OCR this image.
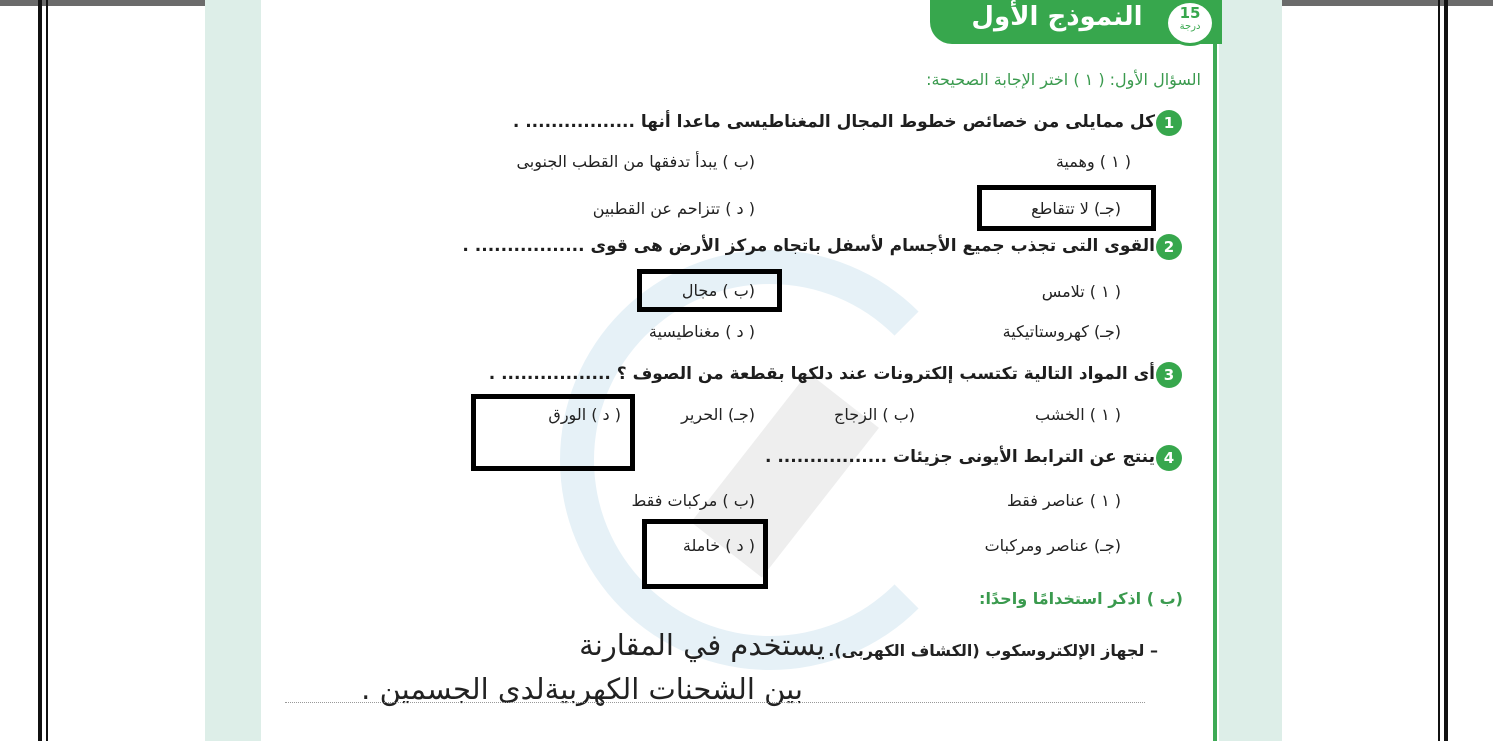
النموذج الأول	15
درجة
السؤال الأول: ( ١ ) اختر الإجابة الصحيحة:
1
كل ممايلى من خصائص خطوط المجال المغناطيسى ماعدا أنها ................. .
( ١ ) وهمية
(ب ) يبدأ تدفقها من القطب الجنوبى
(جـ) لا تتقاطع
( د ) تتزاحم عن القطبين
2
القوى التى تجذب جميع الأجسام لأسفل باتجاه مركز الأرض هى قوى ................. .
( ١ ) تلامس
(ب ) مجال
(جـ) كهروستاتيكية
( د ) مغناطيسية
3
أى المواد التالية تكتسب إلكترونات عند دلكها بقطعة من الصوف ؟ ................. .
( ١ ) الخشب
(ب ) الزجاج
(جـ) الحرير
( د ) الورق
4
ينتج عن الترابط الأيونى جزيئات ................. .
( ١ ) عناصر فقط
(ب ) مركبات فقط
(جـ) عناصر ومركبات
( د ) خاملة
(ب ) اذكر استخدامًا واحدًا:
– لجهاز الإلكتروسكوب (الكشاف الكهربى).
يستخدم في المقارنة
بين الشحنات الكهربيةلدى الجسمين .
